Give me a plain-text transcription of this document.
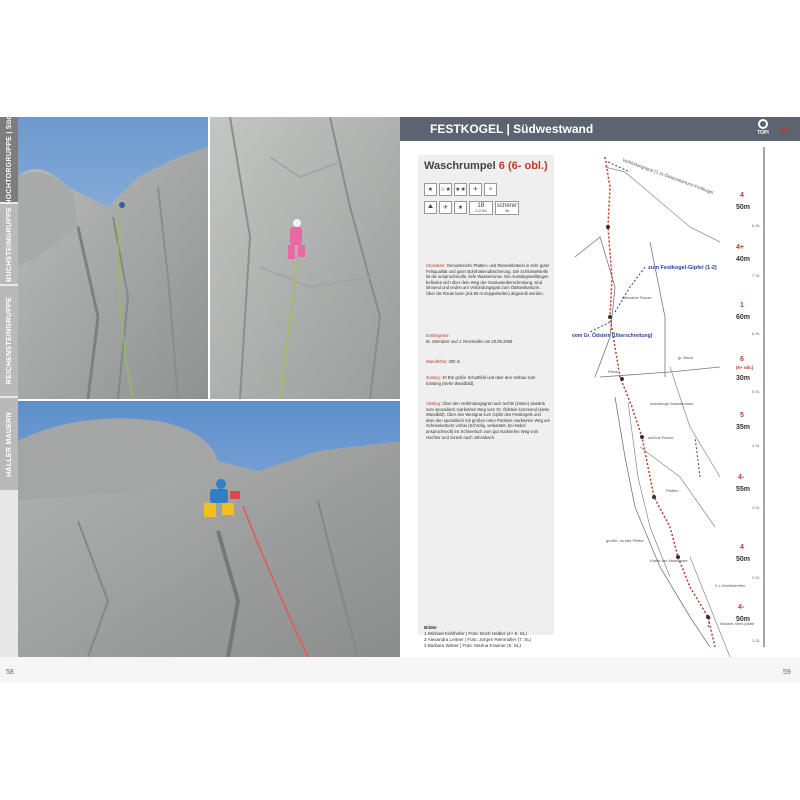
HOCHTORGRUPPE | Süd
BUCHSTEINGRUPPE
REICHENSTEINGRUPPE
HALLER MAUERN
58
FESTKOGEL | Südwestwand	TOPI 67
Waschrumpel 6 (6- obl.)
★	☆★ ★★	✈	✧
⛰	✈	★	1B
2-2,5h
scherer
3h
Charakter: Genussreiche Platten- und Rissenkletterei in sehr guter Felsqualität und guter Bohrhakenabsicherung. Die Schlüsselstelle ist die anspruchsvolle, tiefe Wasserrunse. Die Ausstiegsseillängen befinden sich über dem Weg der Gesäuseüberschreitung, sind lohnend und enden am Verbindungsgrat zum Ödsteinkarturm. Über die Route kann (mit 60 m Doppelseilen) abgeseilt werden.
Erstbegeher:
M. Strimitzer und J. Reinmüller am 20.09.2009
Wandhöhe: 300 m
Zustieg: 10 Bm große Schuttfeld und über den Vorbau zum Einstieg (siehe Wandbild).
Abstieg: Über den Verbindungsgrat nach rechts (Osten) abwärts zum sporadisch markierten Weg vom Gr. Ödstein kommend (siehe Wandbild). Über den Westgrat zum Gipfel des Festkogels und über den sporadisch mit großen roten Punkten markierten Weg am Schneekarturm vorbei (Schrofig, verkarstet, bei Nebel anspruchsvoll) ins Schneeloch zum gut markierten Weg vom Hochtor und zurück nach Johnsbach.
Bilder
1 Michael Kohlhofer | Foto: Erich Halber (4+ 5. SL)
2 Alexandra Leitner | Foto: Jürgen Reinmüller (7. SL)
3 Barbara Winter | Foto: Marina Kraener (5. SL)
Verbindungsgrat (1-2) Ödsteinkarturm-Festkogel
zum Festkogel-Gipfel (1-2)
vom Gr. Ödstein (Überschreitung)
schwarze Runse
gr. Band
Risse
schwierige Wasserrunse
schöne Runse
Platten
großer, runder Pfeiler
Kante der Abseilpiste
2 x Geröllstreifen
Wasser-rillen-platte
4
50m
4+
40m
1
60m
6
(5+ obl.)
30m
5
35m
4-
55m
4
50m
4-
50m
6.SL
7.SL
6.SL
5.SL
4.SL
3.SL
2.SL
1.SL
59
